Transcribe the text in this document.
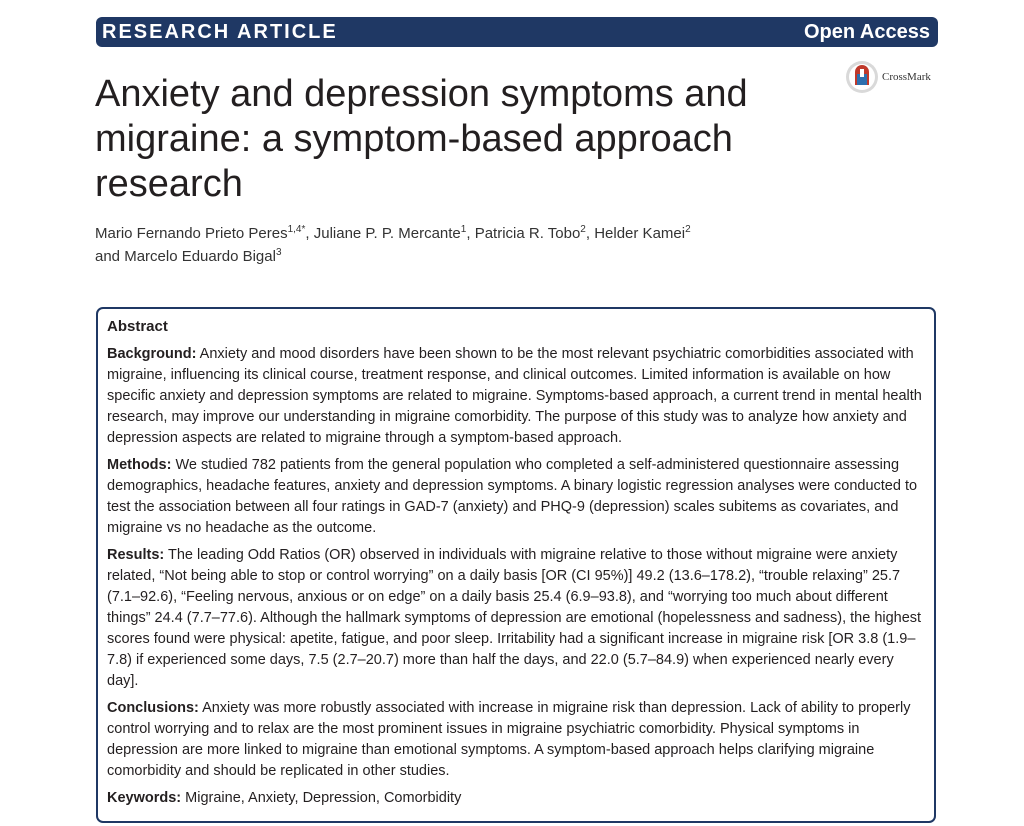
RESEARCH ARTICLE	Open Access
CrossMark
Anxiety and depression symptoms and migraine: a symptom-based approach research
Mario Fernando Prieto Peres$^{1,4*}$, Juliane P. P. Mercante$^1$, Patricia R. Tobo$^2$, Helder Kamei$^2$
and Marcelo Eduardo Bigal$^3$
Abstract

Background: Anxiety and mood disorders have been shown to be the most relevant psychiatric comorbidities associated with migraine, influencing its clinical course, treatment response, and clinical outcomes. Limited information is available on how specific anxiety and depression symptoms are related to migraine. Symptoms-based approach, a current trend in mental health research, may improve our understanding in migraine comorbidity. The purpose of this study was to analyze how anxiety and depression aspects are related to migraine through a symptom-based approach.

Methods: We studied 782 patients from the general population who completed a self-administered questionnaire assessing demographics, headache features, anxiety and depression symptoms. A binary logistic regression analyses were conducted to test the association between all four ratings in GAD-7 (anxiety) and PHQ-9 (depression) scales subitems as covariates, and migraine vs no headache as the outcome.

Results: The leading Odd Ratios (OR) observed in individuals with migraine relative to those without migraine were anxiety related, “Not being able to stop or control worrying” on a daily basis [OR (CI 95%)] 49.2 (13.6–178.2), “trouble relaxing” 25.7 (7.1–92.6), “Feeling nervous, anxious or on edge” on a daily basis 25.4 (6.9–93.8), and “worrying too much about different things” 24.4 (7.7–77.6). Although the hallmark symptoms of depression are emotional (hopelessness and sadness), the highest scores found were physical: apetite, fatigue, and poor sleep. Irritability had a significant increase in migraine risk [OR 3.8 (1.9–7.8) if experienced some days, 7.5 (2.7–20.7) more than half the days, and 22.0 (5.7–84.9) when experienced nearly every day].

Conclusions: Anxiety was more robustly associated with increase in migraine risk than depression. Lack of ability to properly control worrying and to relax are the most prominent issues in migraine psychiatric comorbidity. Physical symptoms in depression are more linked to migraine than emotional symptoms. A symptom-based approach helps clarifying migraine comorbidity and should be replicated in other studies.

Keywords: Migraine, Anxiety, Depression, Comorbidity
